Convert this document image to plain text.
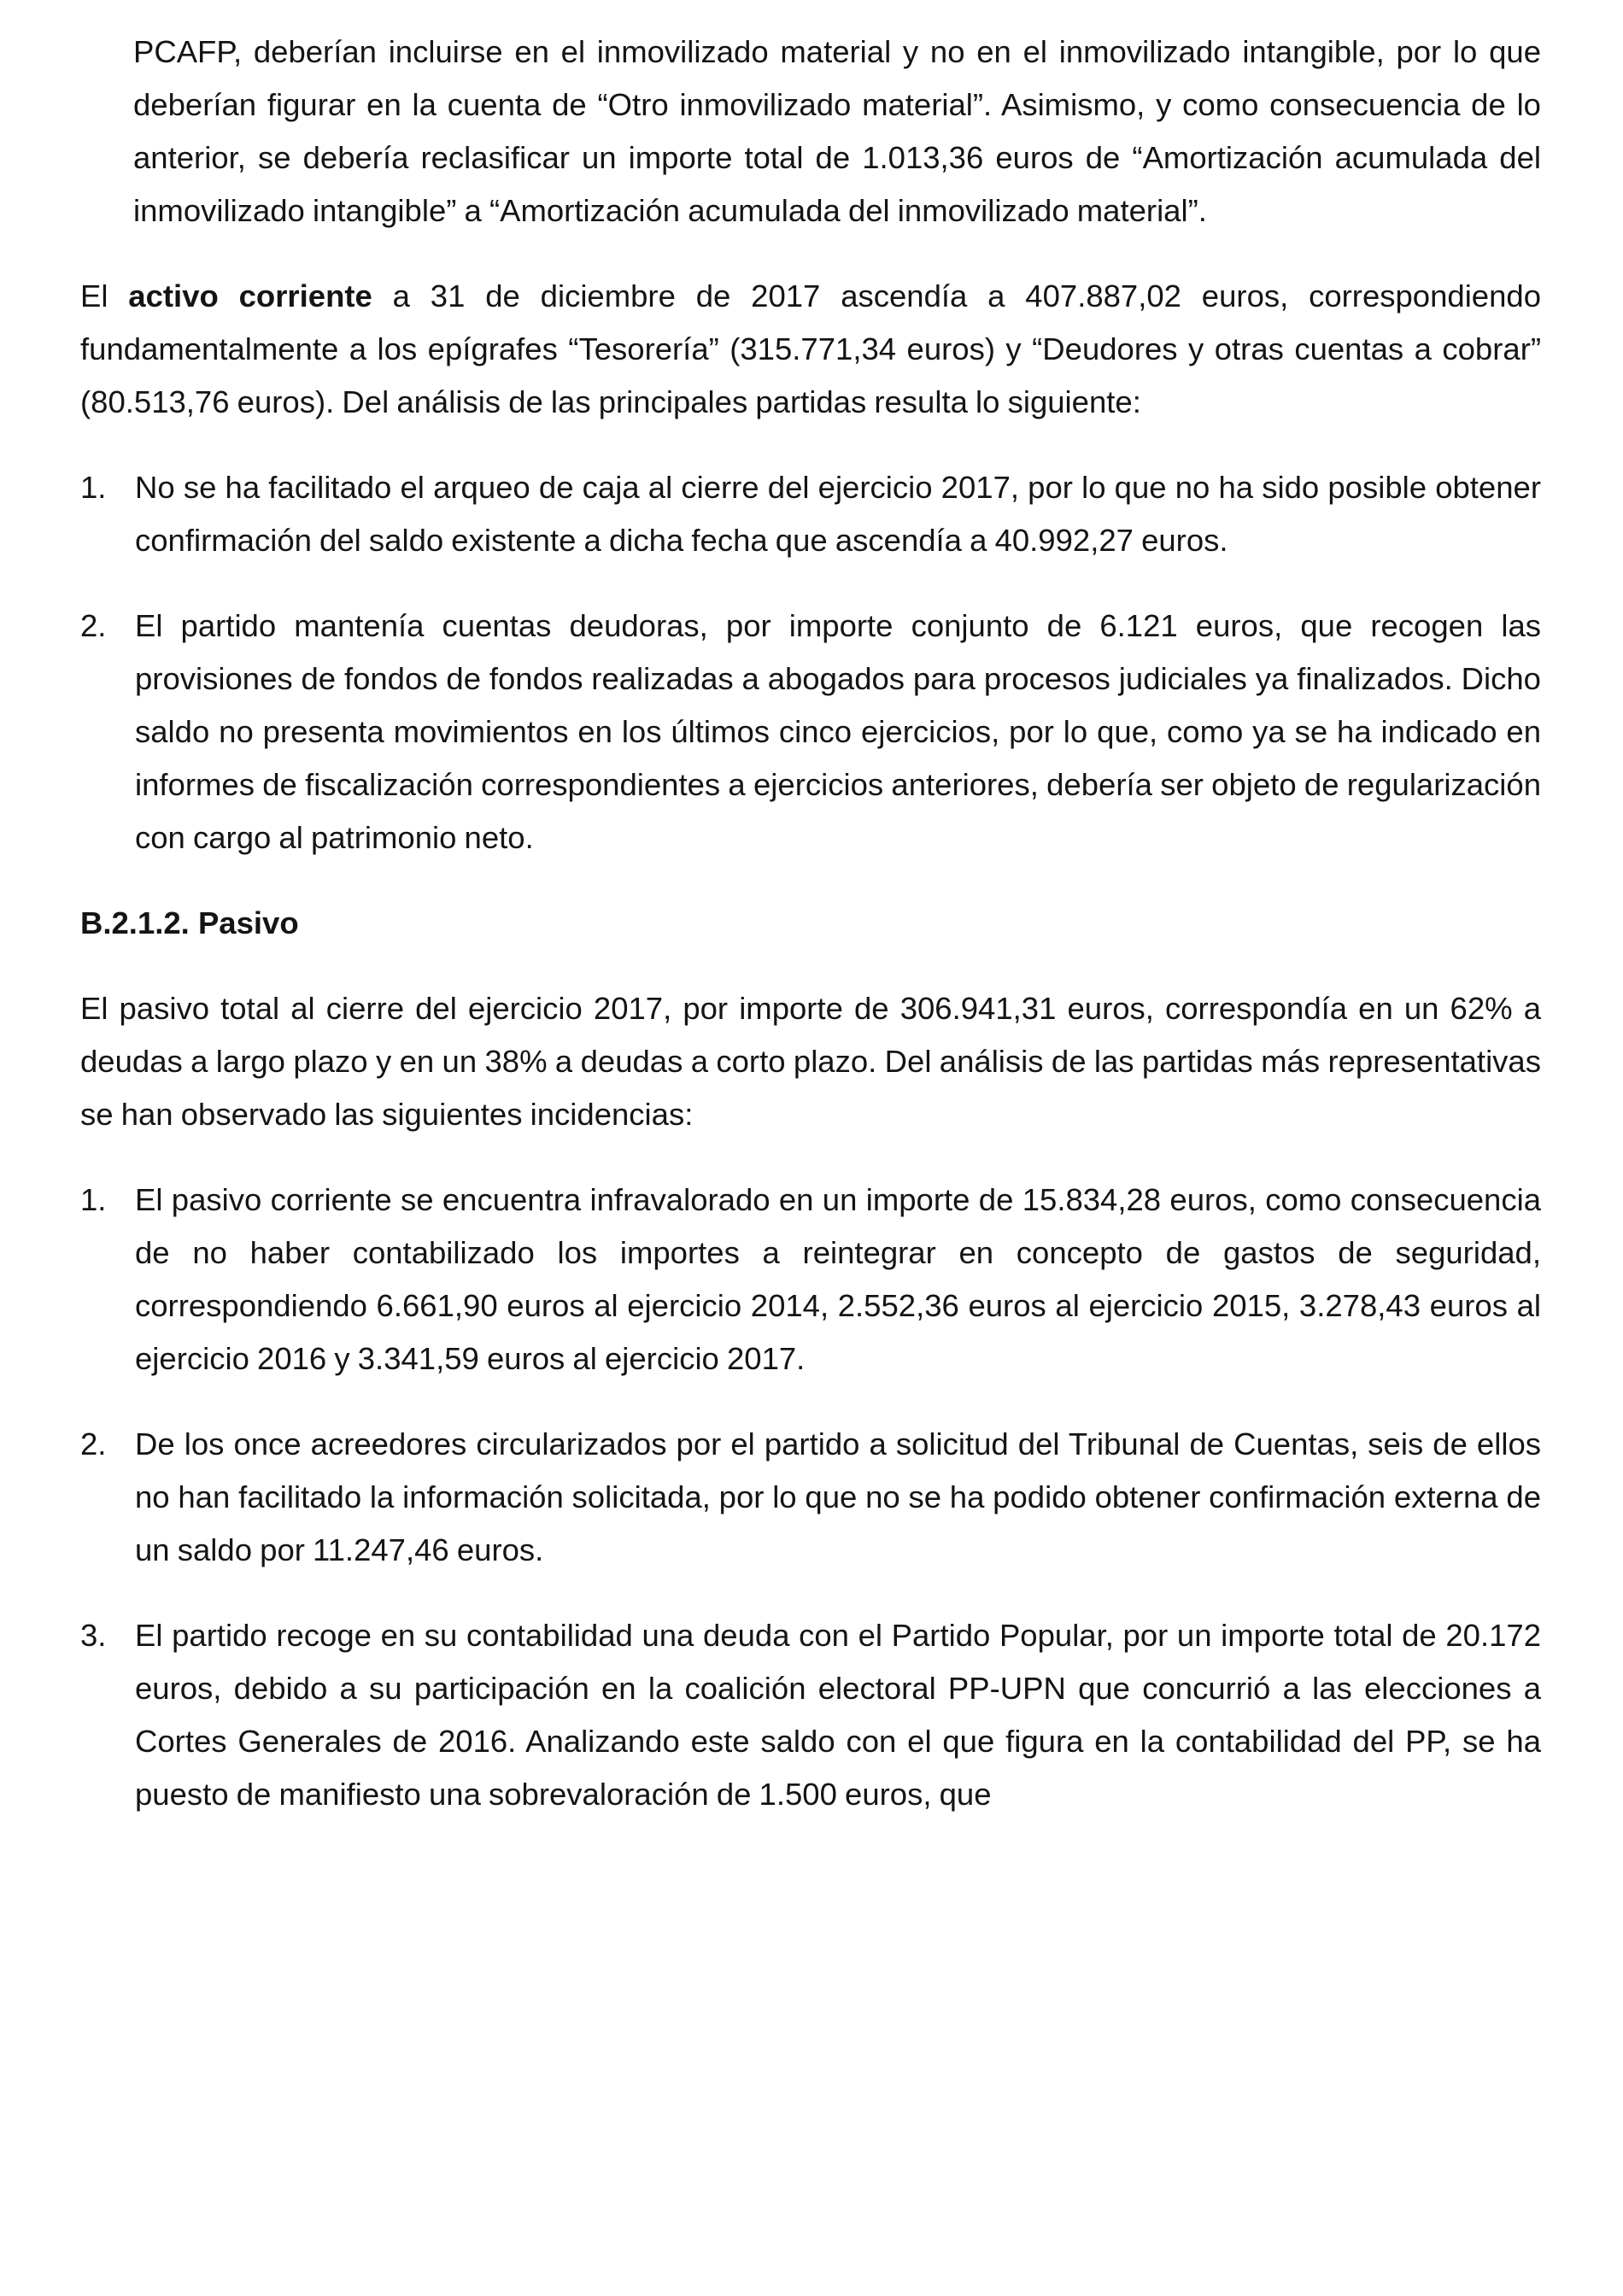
PCAFP, deberían incluirse en el inmovilizado material y no en el inmovilizado intangible, por lo que deberían figurar en la cuenta de “Otro inmovilizado material”. Asimismo, y como consecuencia de lo anterior, se debería reclasificar un importe total de 1.013,36 euros de “Amortización acumulada del inmovilizado intangible” a “Amortización acumulada del inmovilizado material”.

El activo corriente a 31 de diciembre de 2017 ascendía a 407.887,02 euros, correspondiendo fundamentalmente a los epígrafes “Tesorería” (315.771,34 euros) y “Deudores y otras cuentas a cobrar” (80.513,76 euros). Del análisis de las principales partidas resulta lo siguiente:

1. No se ha facilitado el arqueo de caja al cierre del ejercicio 2017, por lo que no ha sido posible obtener confirmación del saldo existente a dicha fecha que ascendía a 40.992,27 euros.

2. El partido mantenía cuentas deudoras, por importe conjunto de 6.121 euros, que recogen las provisiones de fondos de fondos realizadas a abogados para procesos judiciales ya finalizados. Dicho saldo no presenta movimientos en los últimos cinco ejercicios, por lo que, como ya se ha indicado en informes de fiscalización correspondientes a ejercicios anteriores, debería ser objeto de regularización con cargo al patrimonio neto.

B.2.1.2. Pasivo

El pasivo total al cierre del ejercicio 2017, por importe de 306.941,31 euros, correspondía en un 62% a deudas a largo plazo y en un 38% a deudas a corto plazo. Del análisis de las partidas más representativas se han observado las siguientes incidencias:

1. El pasivo corriente se encuentra infravalorado en un importe de 15.834,28 euros, como consecuencia de no haber contabilizado los importes a reintegrar en concepto de gastos de seguridad, correspondiendo 6.661,90 euros al ejercicio 2014, 2.552,36 euros al ejercicio 2015, 3.278,43 euros al ejercicio 2016 y 3.341,59 euros al ejercicio 2017.

2. De los once acreedores circularizados por el partido a solicitud del Tribunal de Cuentas, seis de ellos no han facilitado la información solicitada, por lo que no se ha podido obtener confirmación externa de un saldo por 11.247,46 euros.

3. El partido recoge en su contabilidad una deuda con el Partido Popular, por un importe total de 20.172 euros, debido a su participación en la coalición electoral PP-UPN que concurrió a las elecciones a Cortes Generales de 2016. Analizando este saldo con el que figura en la contabilidad del PP, se ha puesto de manifiesto una sobrevaloración de 1.500 euros, que
